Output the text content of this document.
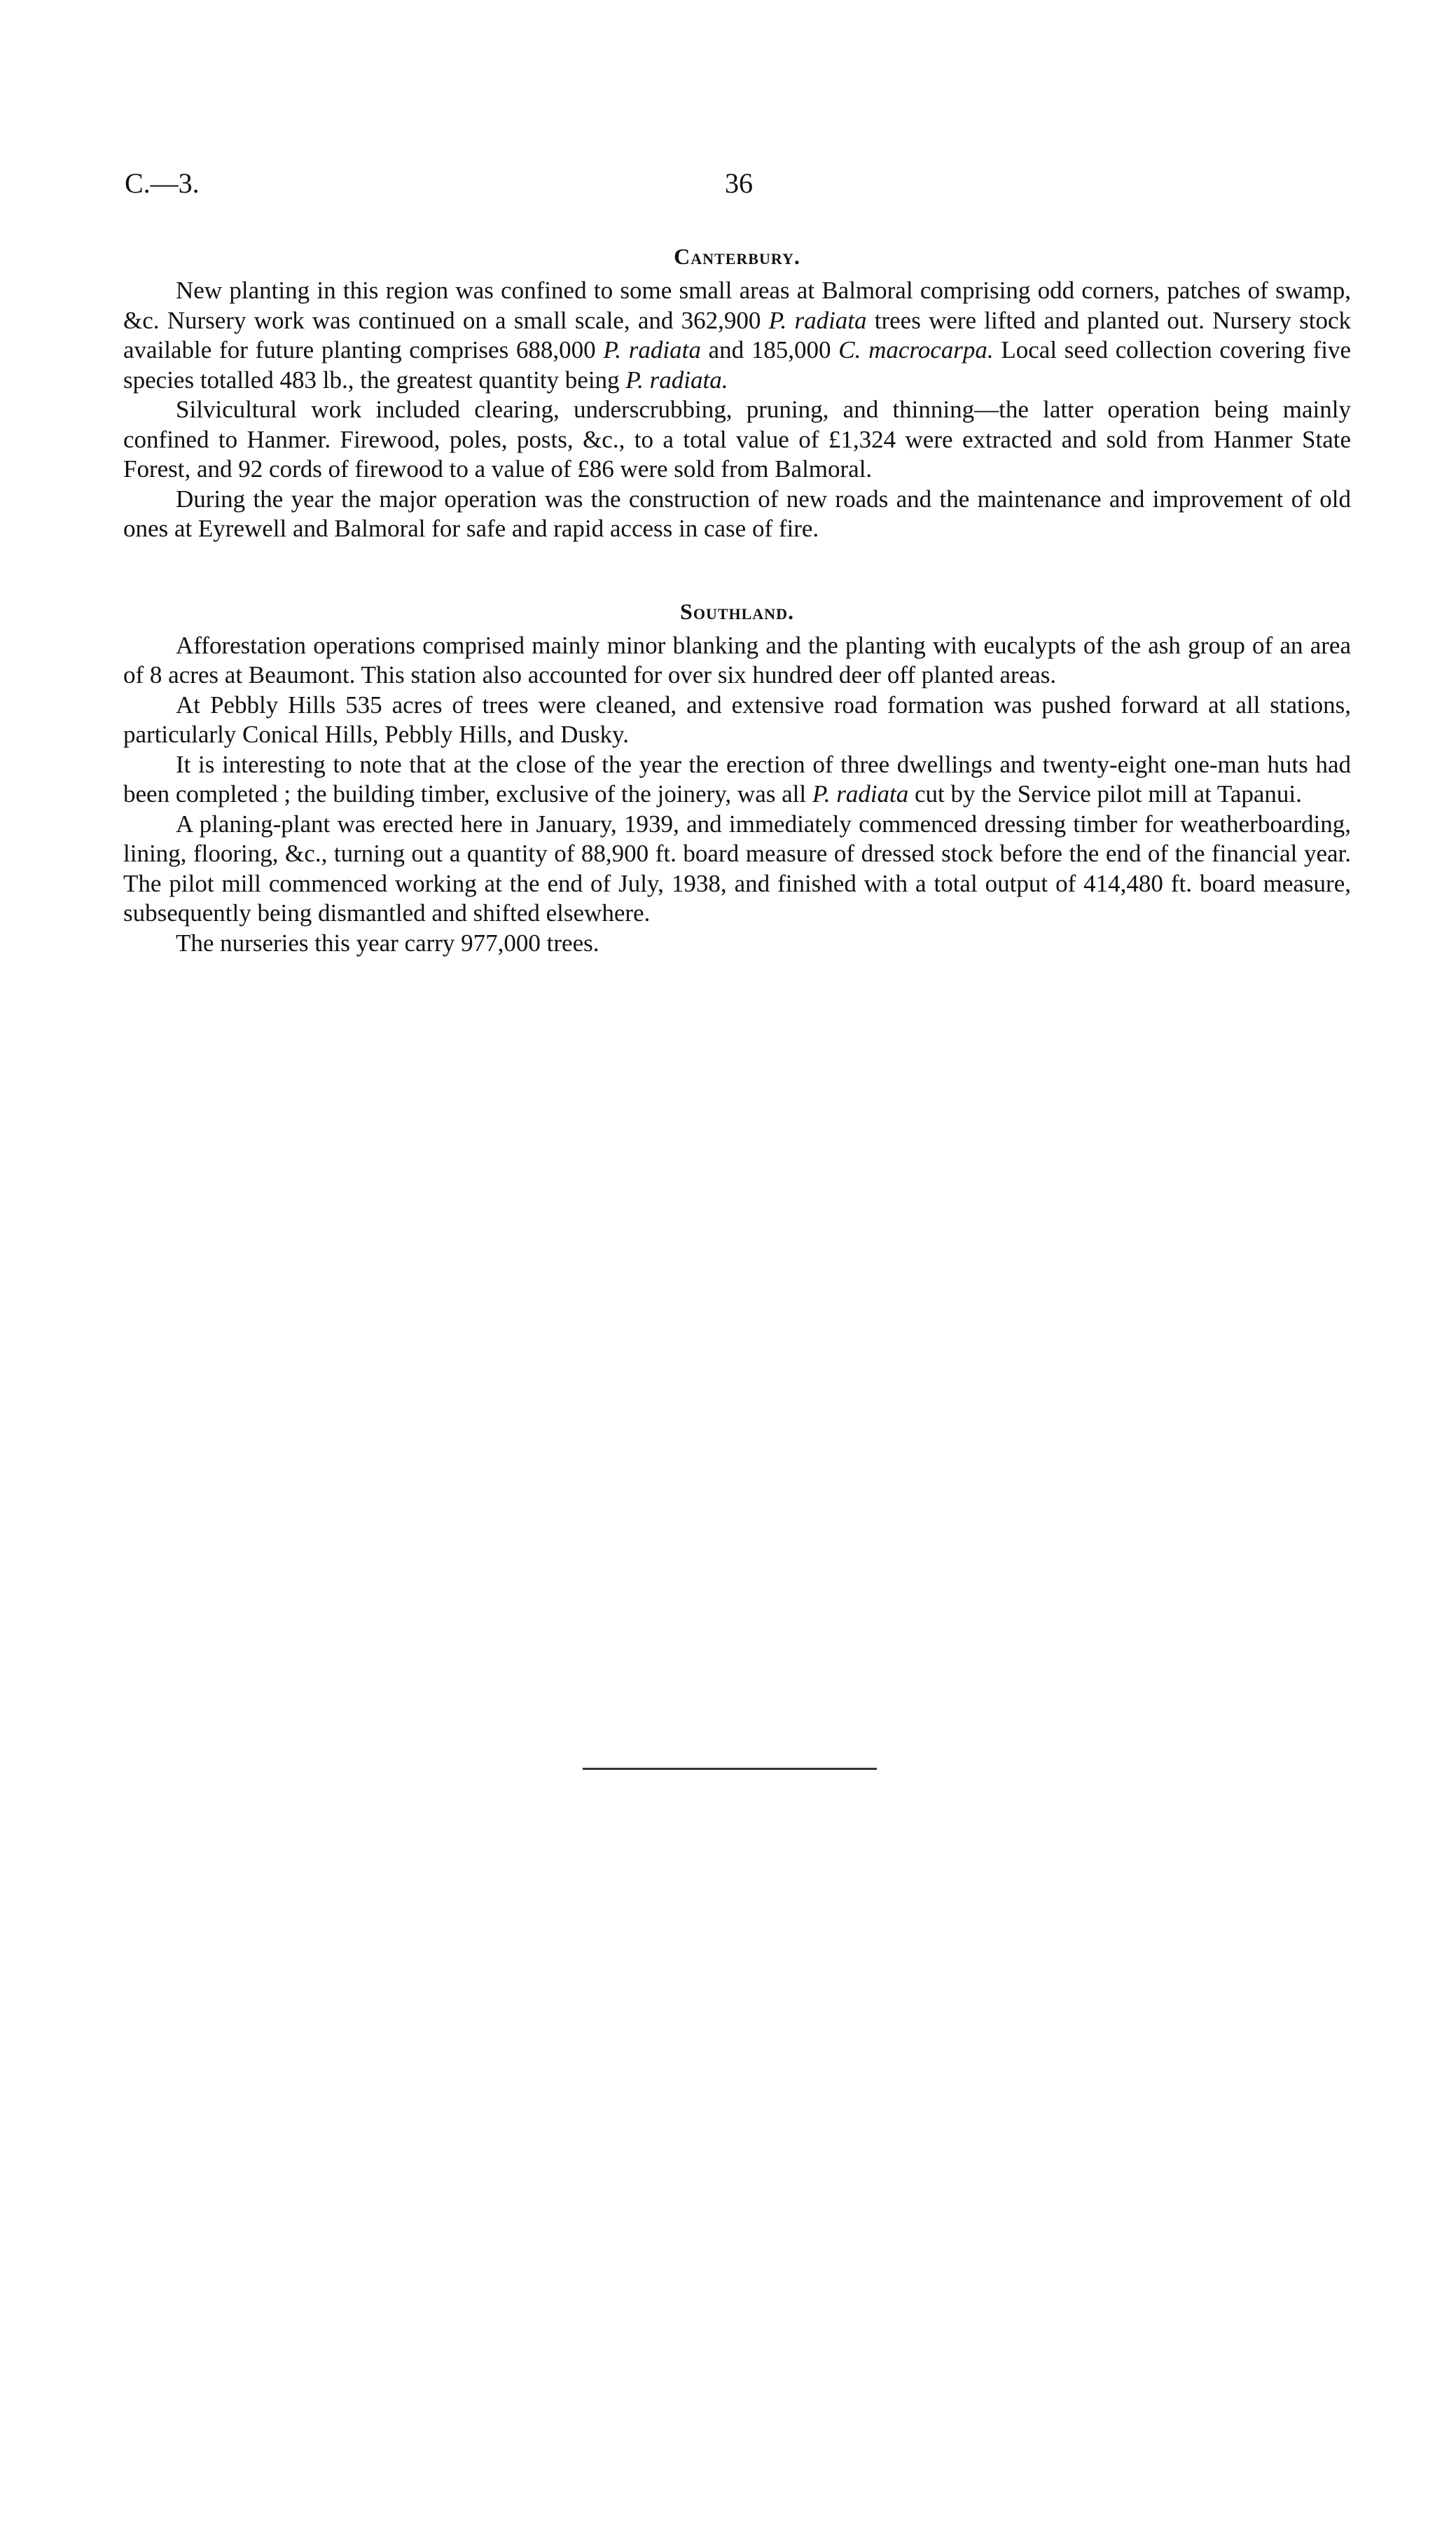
C.—3.	36
Canterbury.

New planting in this region was confined to some small areas at Balmoral comprising odd corners, patches of swamp, &c. Nursery work was continued on a small scale, and 362,900 P. radiata trees were lifted and planted out. Nursery stock available for future planting comprises 688,000 P. radiata and 185,000 C. macrocarpa. Local seed collection covering five species totalled 483 lb., the greatest quantity being P. radiata.

Silvicultural work included clearing, underscrubbing, pruning, and thinning—the latter operation being mainly confined to Hanmer. Firewood, poles, posts, &c., to a total value of £1,324 were extracted and sold from Hanmer State Forest, and 92 cords of firewood to a value of £86 were sold from Balmoral.

During the year the major operation was the construction of new roads and the maintenance and improvement of old ones at Eyrewell and Balmoral for safe and rapid access in case of fire.

Southland.

Afforestation operations comprised mainly minor blanking and the planting with eucalypts of the ash group of an area of 8 acres at Beaumont. This station also accounted for over six hundred deer off planted areas.

At Pebbly Hills 535 acres of trees were cleaned, and extensive road formation was pushed forward at all stations, particularly Conical Hills, Pebbly Hills, and Dusky.

It is interesting to note that at the close of the year the erection of three dwellings and twenty-eight one-man huts had been completed ; the building timber, exclusive of the joinery, was all P. radiata cut by the Service pilot mill at Tapanui.

A planing-plant was erected here in January, 1939, and immediately commenced dressing timber for weatherboarding, lining, flooring, &c., turning out a quantity of 88,900 ft. board measure of dressed stock before the end of the financial year. The pilot mill commenced working at the end of July, 1938, and finished with a total output of 414,480 ft. board measure, subsequently being dismantled and shifted elsewhere.

The nurseries this year carry 977,000 trees.
